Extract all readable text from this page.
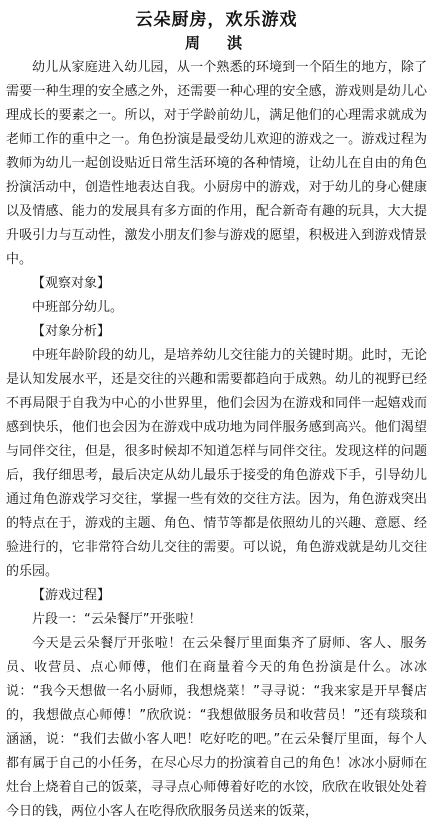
云朵厨房，欢乐游戏
周　淇

幼儿从家庭进入幼儿园，从一个熟悉的环境到一个陌生的地方，除了需要一种生理的安全感之外，还需要一种心理的安全感，游戏则是幼儿心理成长的要素之一。所以，对于学龄前幼儿，满足他们的心理需求就成为老师工作的重中之一。角色扮演是最受幼儿欢迎的游戏之一。游戏过程为教师为幼儿一起创设贴近日常生活环境的各种情境，让幼儿在自由的角色扮演活动中，创造性地表达自我。小厨房中的游戏，对于幼儿的身心健康以及情感、能力的发展具有多方面的作用，配合新奇有趣的玩具，大大提升吸引力与互动性，激发小朋友们参与游戏的愿望，积极进入到游戏情景中。

【观察对象】

中班部分幼儿。

【对象分析】

中班年龄阶段的幼儿，是培养幼儿交往能力的关键时期。此时，无论是认知发展水平，还是交往的兴趣和需要都趋向于成熟。幼儿的视野已经不再局限于自我为中心的小世界里，他们会因为在游戏和同伴一起嬉戏而感到快乐，他们也会因为在游戏中成功地为同伴服务感到高兴。他们渴望与同伴交往，但是，很多时候却不知道怎样与同伴交往。发现这样的问题后，我仔细思考，最后决定从幼儿最乐于接受的角色游戏下手，引导幼儿通过角色游戏学习交往，掌握一些有效的交往方法。因为，角色游戏突出的特点在于，游戏的主题、角色、情节等都是依照幼儿的兴趣、意愿、经验进行的，它非常符合幼儿交往的需要。可以说，角色游戏就是幼儿交往的乐园。

【游戏过程】

片段一：“云朵餐厅”开张啦！

今天是云朵餐厅开张啦！在云朵餐厅里面集齐了厨师、客人、服务员、收营员、点心师傅，他们在商量着今天的角色扮演是什么。冰冰说：“我今天想做一名小厨师，我想烧菜！”寻寻说：“我来家是开早餐店的，我想做点心师傅！”欣欣说：“我想做服务员和收营员！”还有琰琰和涵涵，说：“我们去做小客人吧！吃好吃的吧。”在云朵餐厅里面，每个人都有属于自己的小任务，在尽心尽力的扮演着自己的角色！冰冰小厨师在灶台上烧着自己的饭菜，寻寻点心师傅着好吃的水饺，欣欣在收银处处着今日的钱，两位小客人在吃得欣欣服务员送来的饭菜，
